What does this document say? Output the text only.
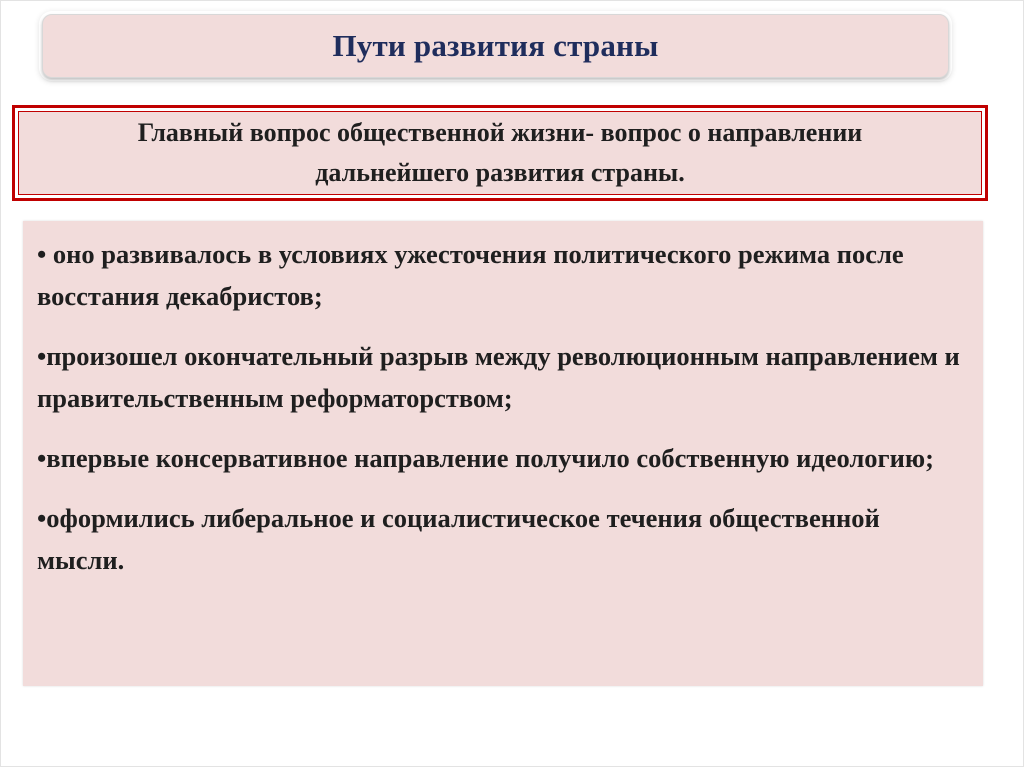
Пути развития страны

Главный вопрос общественной жизни- вопрос о направлении дальнейшего развития страны.

• оно развивалось в условиях ужесточения политического режима после восстания декабристов;
•произошел окончательный разрыв между революционным направлением и правительственным реформаторством;
•впервые консервативное направление получило собственную идеологию;
•оформились либеральное и социалистическое течения общественной мысли.
